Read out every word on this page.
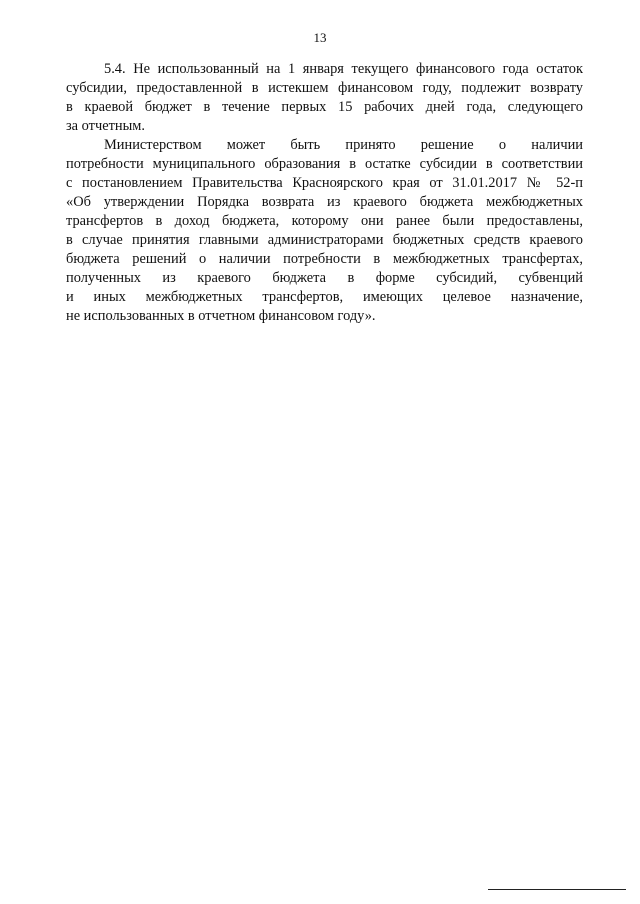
13
5.4. Не использованный на 1 января текущего финансового года остаток
субсидии, предоставленной в истекшем финансовом году, подлежит возврату
в краевой бюджет в течение первых 15 рабочих дней года, следующего
за отчетным.
Министерством может быть принято решение о наличии
потребности муниципального образования в остатке субсидии в соответствии
с постановлением Правительства Красноярского края от 31.01.2017 № 52-п
«Об утверждении Порядка возврата из краевого бюджета межбюджетных
трансфертов в доход бюджета, которому они ранее были предоставлены,
в случае принятия главными администраторами бюджетных средств краевого
бюджета решений о наличии потребности в межбюджетных трансфертах,
полученных из краевого бюджета в форме субсидий, субвенций
и иных межбюджетных трансфертов, имеющих целевое назначение,
не использованных в отчетном финансовом году».
